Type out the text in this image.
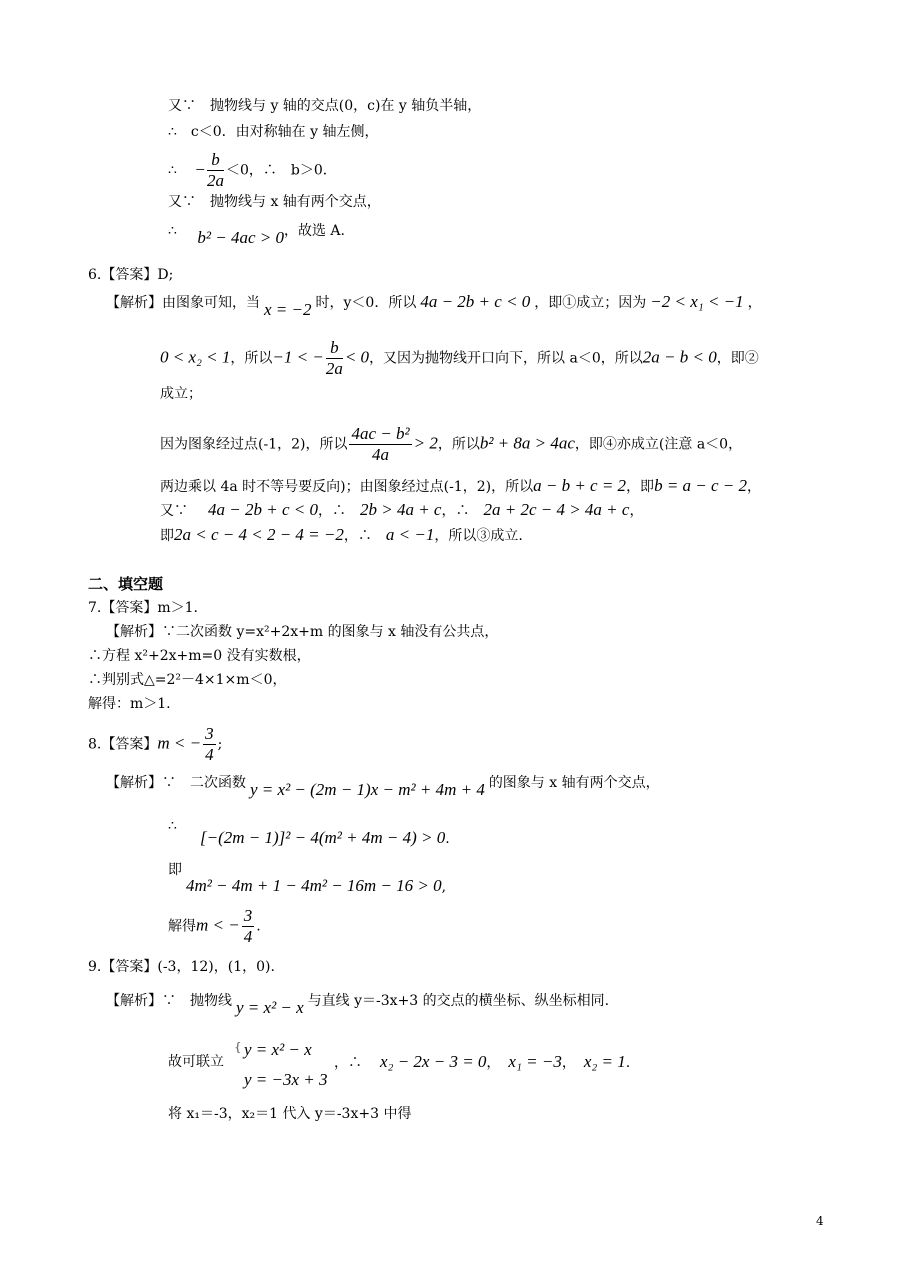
又∵　抛物线与 y 轴的交点(0，c)在 y 轴负半轴，
∴　c＜0．由对称轴在 y 轴左侧，
∴ − $\frac{b}{2a} <0$，∴　b＞0．
又∵　抛物线与 x 轴有两个交点，
∴ b² − 4ac > 0，故选 A.
6.【答案】D;
【解析】由图象可知，当 x = −2 时，y＜0．所以 4a − 2b + c < 0 ，即①成立；因为 −2 < x₁ < −1 ，
0 < x₂ < 1，所以−1 < − $\frac{b}{2a} < 0$，又因为抛物线开口向下，所以 a＜0，所以2a − b < 0，即②
成立；
因为图象经过点(-1，2)，所以 $\frac{\text{4ac − b²}}{4a} > 2$，所以b² + 8a > 4ac，即④亦成立(注意 a＜0，
两边乘以 4a 时不等号要反向)；由图象经过点(-1，2)，所以a − b + c = 2，即b = a − c − 2，
又∵ 4a − 2b + c < 0，∴ 2b > 4a + c，∴ 2a + 2c − 4 > 4a + c，
即2a < c − 4 < 2 − 4 = −2，∴ a < −1，所以③成立.
二、填空题
7.【答案】m＞1.
【解析】∵二次函数 y=x²+2x+m 的图象与 x 轴没有公共点，
∴方程 x²+2x+m=0 没有实数根，
∴判别式△=2²－4×1×m＜0，
解得：m＞1.
8.【答案】m < − $\frac{3}{4}$ ;
【解析】∵　二次函数 y = x² − (2m − 1)x − m² + 4m + 4 的图象与 x 轴有两个交点，
∴
[−(2m − 1)]² − 4(m² + 4m − 4) > 0.
即
4m² − 4m + 1 − 4m² − 16m − 16 > 0,
解得m < − $\frac{3}{4}$ .
9.【答案】(-3，12)，(1，0).
【解析】∵　抛物线 y = x² − x 与直线 y＝-3x+3 的交点的横坐标、纵坐标相同.
故可联立
{ y = x² − x
y = −3x + 3
，∴ x₂ − 2x − 3 = 0， x₁ = −3， x₂ = 1.
将 x₁＝-3，x₂＝1 代入 y＝-3x+3 中得
4
